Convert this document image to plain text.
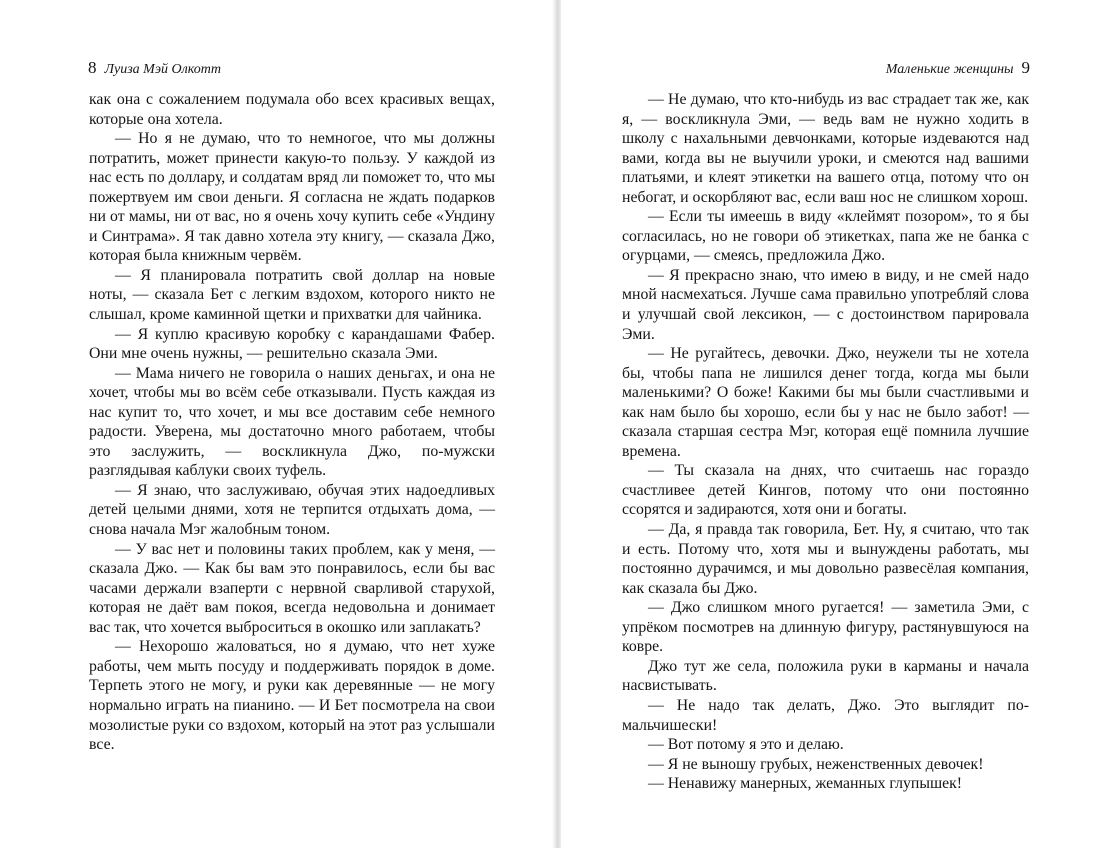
8 Луиза Мэй Олкотт

как она с сожалением подумала обо всех красивых вещах, которые она хотела.

— Но я не думаю, что то немногое, что мы должны потратить, может принести какую-то пользу. У каждой из нас есть по доллару, и солдатам вряд ли поможет то, что мы пожертвуем им свои деньги. Я согласна не ждать подарков ни от мамы, ни от вас, но я очень хочу купить себе «Ундину и Синтрама». Я так давно хотела эту книгу, — сказала Джо, которая была книжным червём.

— Я планировала потратить свой доллар на новые ноты, — сказала Бет с легким вздохом, которого никто не слышал, кроме каминной щетки и прихватки для чайника.

— Я куплю красивую коробку с карандашами Фабер. Они мне очень нужны, — решительно сказала Эми.

— Мама ничего не говорила о наших деньгах, и она не хочет, чтобы мы во всём себе отказывали. Пусть каждая из нас купит то, что хочет, и мы все доставим себе немного радости. Уверена, мы достаточно много работаем, чтобы это заслужить, — воскликнула Джо, по-мужски разглядывая каблуки своих туфель.

— Я знаю, что заслуживаю, обучая этих надоедливых детей целыми днями, хотя не терпится отдыхать дома, — снова начала Мэг жалобным тоном.

— У вас нет и половины таких проблем, как у меня, — сказала Джо. — Как бы вам это понравилось, если бы вас часами держали взаперти с нервной сварливой старухой, которая не даёт вам покоя, всегда недовольна и донимает вас так, что хочется выброситься в окошко или заплакать?

— Нехорошо жаловаться, но я думаю, что нет хуже работы, чем мыть посуду и поддерживать порядок в доме. Терпеть этого не могу, и руки как деревянные — не могу нормально играть на пианино. — И Бет посмотрела на свои мозолистые руки со вздохом, который на этот раз услышали все.

Маленькие женщины 9

— Не думаю, что кто-нибудь из вас страдает так же, как я, — воскликнула Эми, — ведь вам не нужно ходить в школу с нахальными девчонками, которые издеваются над вами, когда вы не выучили уроки, и смеются над вашими платьями, и клеят этикетки на вашего отца, потому что он небогат, и оскорбляют вас, если ваш нос не слишком хорош.

— Если ты имеешь в виду «клеймят позором», то я бы согласилась, но не говори об этикетках, папа же не банка с огурцами, — смеясь, предложила Джо.

— Я прекрасно знаю, что имею в виду, и не смей надо мной насмехаться. Лучше сама правильно употребляй слова и улучшай свой лексикон, — с достоинством парировала Эми.

— Не ругайтесь, девочки. Джо, неужели ты не хотела бы, чтобы папа не лишился денег тогда, когда мы были маленькими? О боже! Какими бы мы были счастливыми и как нам было бы хорошо, если бы у нас не было забот! — сказала старшая сестра Мэг, которая ещё помнила лучшие времена.

— Ты сказала на днях, что считаешь нас гораздо счастливее детей Кингов, потому что они постоянно ссорятся и задираются, хотя они и богаты.

— Да, я правда так говорила, Бет. Ну, я считаю, что так и есть. Потому что, хотя мы и вынуждены работать, мы постоянно дурачимся, и мы довольно развесёлая компания, как сказала бы Джо.

— Джо слишком много ругается! — заметила Эми, с упрёком посмотрев на длинную фигуру, растянувшуюся на ковре.

Джо тут же села, положила руки в карманы и начала насвистывать.

— Не надо так делать, Джо. Это выглядит по-мальчишески!

— Вот потому я это и делаю.

— Я не выношу грубых, неженственных девочек!

— Ненавижу манерных, жеманных глупышек!
